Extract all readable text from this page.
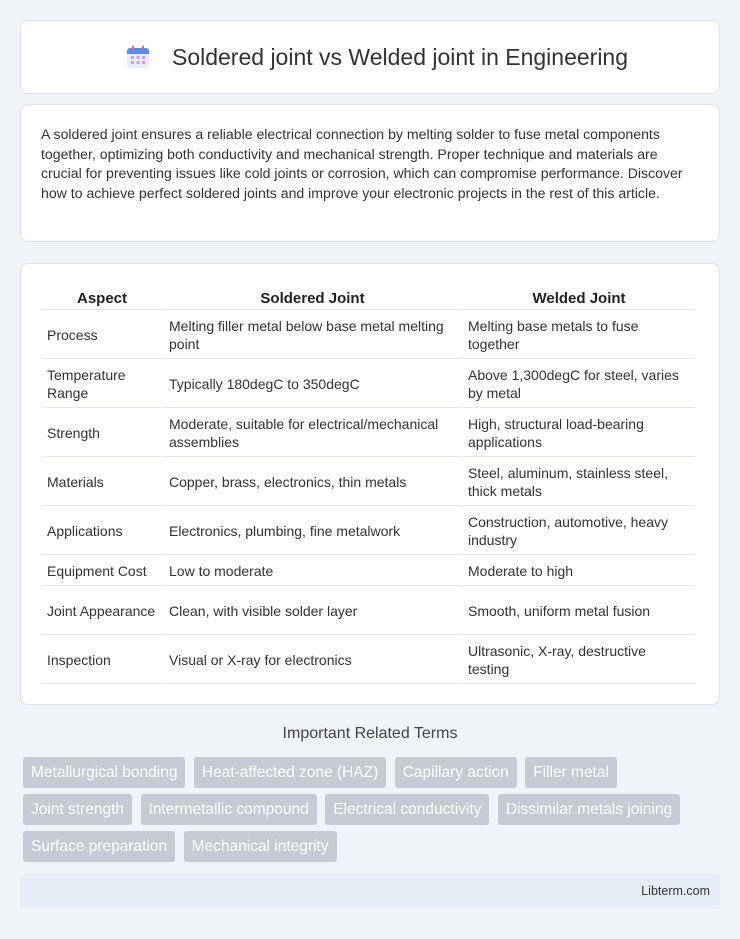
Soldered joint vs Welded joint in Engineering

A soldered joint ensures a reliable electrical connection by melting solder to fuse metal components together, optimizing both conductivity and mechanical strength. Proper technique and materials are crucial for preventing issues like cold joints or corrosion, which can compromise performance. Discover how to achieve perfect soldered joints and improve your electronic projects in the rest of this article.

Aspect	Soldered Joint	Welded Joint
Process	Melting filler metal below base metal melting point	Melting base metals to fuse together
Temperature Range	Typically 180degC to 350degC	Above 1,300degC for steel, varies by metal
Strength	Moderate, suitable for electrical/mechanical assemblies	High, structural load-bearing applications
Materials	Copper, brass, electronics, thin metals	Steel, aluminum, stainless steel, thick metals
Applications	Electronics, plumbing, fine metalwork	Construction, automotive, heavy industry
Equipment Cost	Low to moderate	Moderate to high
Joint Appearance	Clean, with visible solder layer	Smooth, uniform metal fusion
Inspection	Visual or X-ray for electronics	Ultrasonic, X-ray, destructive testing
Important Related Terms
Metallurgical bonding Heat-affected zone (HAZ) Capillary action Filler metal Joint strength Intermetallic compound Electrical conductivity Dissimilar metals joining Surface preparation Mechanical integrity
Libterm.com
